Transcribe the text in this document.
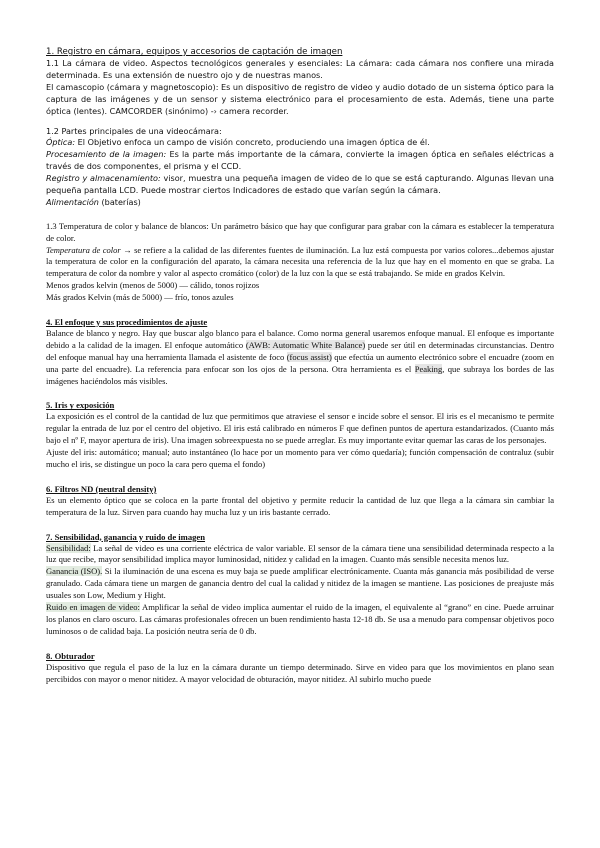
1. Registro en cámara, equipos y accesorios de captación de imagen

1.1 La cámara de video. Aspectos tecnológicos generales y esenciales: La cámara: cada cámara nos confiere una mirada determinada. Es una extensión de nuestro ojo y de nuestras manos.

El camascopio (cámara y magnetoscopio): Es un dispositivo de registro de video y audio dotado de un sistema óptico para la captura de las imágenes y de un sensor y sistema electrónico para el procesamiento de esta. Además, tiene una parte óptica (lentes). CAMCORDER (sinónimo) -› camera recorder.

1.2 Partes principales de una videocámara:

Óptica: El Objetivo enfoca un campo de visión concreto, produciendo una imagen óptica de él.

Procesamiento de la imagen: Es la parte más importante de la cámara, convierte la imagen óptica en señales eléctricas a través de dos componentes, el prisma y el CCD.

Registro y almacenamiento: visor, muestra una pequeña imagen de video de lo que se está capturando. Algunas llevan una pequeña pantalla LCD. Puede mostrar ciertos Indicadores de estado que varían según la cámara.

Alimentación (baterías)

1.3 Temperatura de color y balance de blancos: Un parámetro básico que hay que configurar para grabar con la cámara es establecer la temperatura de color.

Temperatura de color → se refiere a la calidad de las diferentes fuentes de iluminación. La luz está compuesta por varios colores...debemos ajustar la temperatura de color en la configuración del aparato, la cámara necesita una referencia de la luz que hay en el momento en que se graba. La temperatura de color da nombre y valor al aspecto cromático (color) de la luz con la que se está trabajando. Se mide en grados Kelvin.

Menos grados kelvin (menos de 5000) — cálido, tonos rojizos

Más grados Kelvin (más de 5000) — frío, tonos azules

4. El enfoque y sus procedimientos de ajuste

Balance de blanco y negro. Hay que buscar algo blanco para el balance. Como norma general usaremos enfoque manual. El enfoque es importante debido a la calidad de la imagen. El enfoque automático (AWB: Automatic White Balance) puede ser útil en determinadas circunstancias. Dentro del enfoque manual hay una herramienta llamada el asistente de foco (focus assist) que efectúa un aumento electrónico sobre el encuadre (zoom en una parte del encuadre). La referencia para enfocar son los ojos de la persona. Otra herramienta es el Peaking, que subraya los bordes de las imágenes haciéndolos más visibles.

5. Iris y exposición

La exposición es el control de la cantidad de luz que permitimos que atraviese el sensor e incide sobre el sensor. El iris es el mecanismo te permite regular la entrada de luz por el centro del objetivo. El iris está calibrado en números F que definen puntos de apertura estandarizados. (Cuanto más bajo el nº F, mayor apertura de iris). Una imagen sobreexpuesta no se puede arreglar. Es muy importante evitar quemar las caras de los personajes.

Ajuste del iris: automático; manual; auto instantáneo (lo hace por un momento para ver cómo quedaría); función compensación de contraluz (subir mucho el iris, se distingue un poco la cara pero quema el fondo)

6. Filtros ND (neutral density)

Es un elemento óptico que se coloca en la parte frontal del objetivo y permite reducir la cantidad de luz que llega a la cámara sin cambiar la temperatura de la luz. Sirven para cuando hay mucha luz y un iris bastante cerrado.

7. Sensibilidad, ganancia y ruido de imagen

Sensibilidad: La señal de video es una corriente eléctrica de valor variable. El sensor de la cámara tiene una sensibilidad determinada respecto a la luz que recibe, mayor sensibilidad implica mayor luminosidad, nitidez y calidad en la imagen. Cuanto más sensible necesita menos luz.

Ganancia (ISO). Si la iluminación de una escena es muy baja se puede amplificar electrónicamente. Cuanta más ganancia más posibilidad de verse granulado. Cada cámara tiene un margen de ganancia dentro del cual la calidad y nitidez de la imagen se mantiene. Las posiciones de preajuste más usuales son Low, Medium y Hight.

Ruido en imagen de video: Amplificar la señal de video implica aumentar el ruido de la imagen, el equivalente al “grano” en cine. Puede arruinar los planos en claro oscuro. Las cámaras profesionales ofrecen un buen rendimiento hasta 12-18 db. Se usa a menudo para compensar objetivos poco luminosos o de calidad baja. La posición neutra sería de 0 db.

8. Obturador

Dispositivo que regula el paso de la luz en la cámara durante un tiempo determinado. Sirve en video para que los movimientos en plano sean percibidos con mayor o menor nitidez. A mayor velocidad de obturación, mayor nitidez. Al subirlo mucho puede
